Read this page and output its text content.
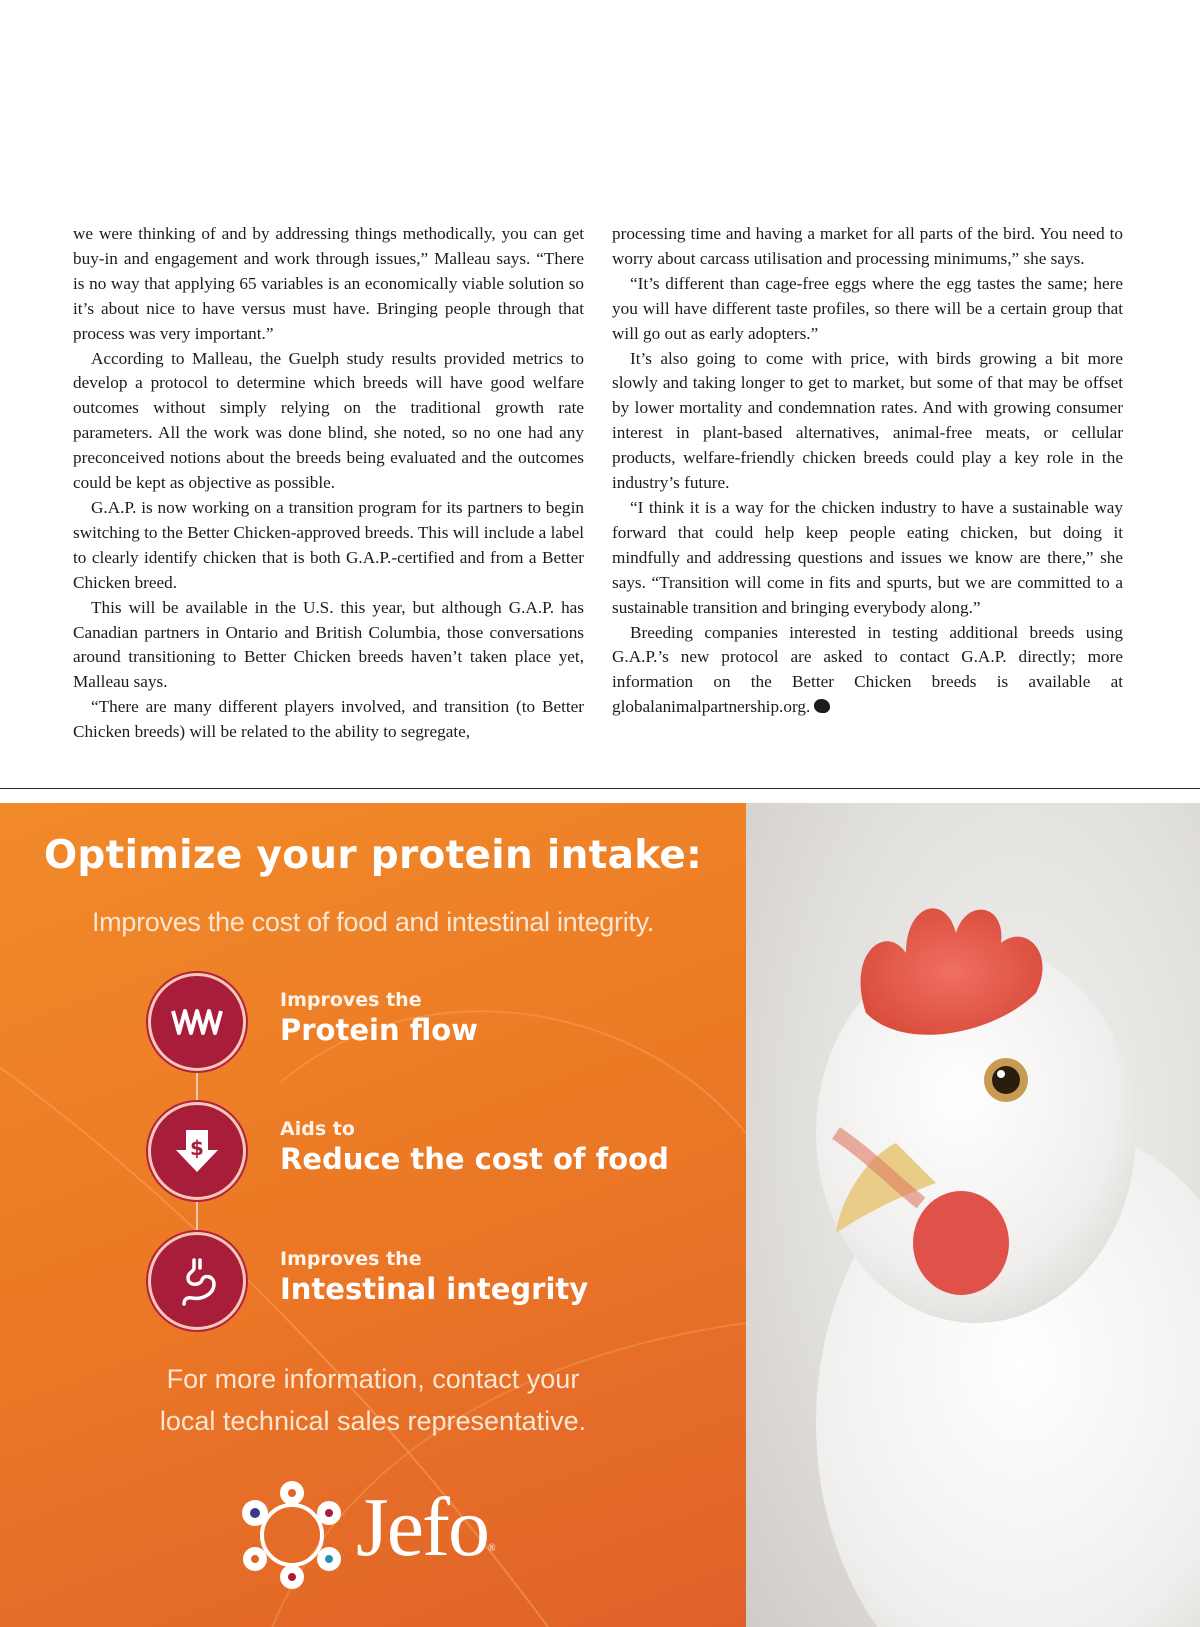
we were thinking of and by addressing things methodically, you can get buy-in and engagement and work through issues,” Malleau says. “There is no way that applying 65 variables is an economically viable solution so it’s about nice to have versus must have. Bringing people through that process was very important.”

According to Malleau, the Guelph study results provided metrics to develop a protocol to determine which breeds will have good welfare outcomes without simply relying on the traditional growth rate parameters. All the work was done blind, she noted, so no one had any preconceived notions about the breeds being evaluated and the outcomes could be kept as objective as possible.

G.A.P. is now working on a transition program for its partners to begin switching to the Better Chicken-approved breeds. This will include a label to clearly identify chicken that is both G.A.P.-certified and from a Better Chicken breed.

This will be available in the U.S. this year, but although G.A.P. has Canadian partners in Ontario and British Columbia, those conversations around transitioning to Better Chicken breeds haven’t taken place yet, Malleau says.

“There are many different players involved, and transition (to Better Chicken breeds) will be related to the ability to segregate,

processing time and having a market for all parts of the bird. You need to worry about carcass utilisation and processing minimums,” she says.

“It’s different than cage-free eggs where the egg tastes the same; here you will have different taste profiles, so there will be a certain group that will go out as early adopters.”

It’s also going to come with price, with birds growing a bit more slowly and taking longer to get to market, but some of that may be offset by lower mortality and condemnation rates. And with growing consumer interest in plant-based alternatives, animal-free meats, or cellular products, welfare-friendly chicken breeds could play a key role in the industry’s future.

“I think it is a way for the chicken industry to have a sustainable way forward that could help keep people eating chicken, but doing it mindfully and addressing questions and issues we know are there,” she says. “Transition will come in fits and spurts, but we are committed to a sustainable transition and bringing everybody along.”

Breeding companies interested in testing additional breeds using G.A.P.’s new protocol are asked to contact G.A.P. directly; more information on the Better Chicken breeds is available at globalanimalpartnership.org.

Optimize your protein intake:
Improves the cost of food and intestinal integrity.
Improves the
Protein flow
$
Aids to
Reduce the cost of food
Improves the
Intestinal integrity
For more information, contact your
local technical sales representative.
Jefo®
